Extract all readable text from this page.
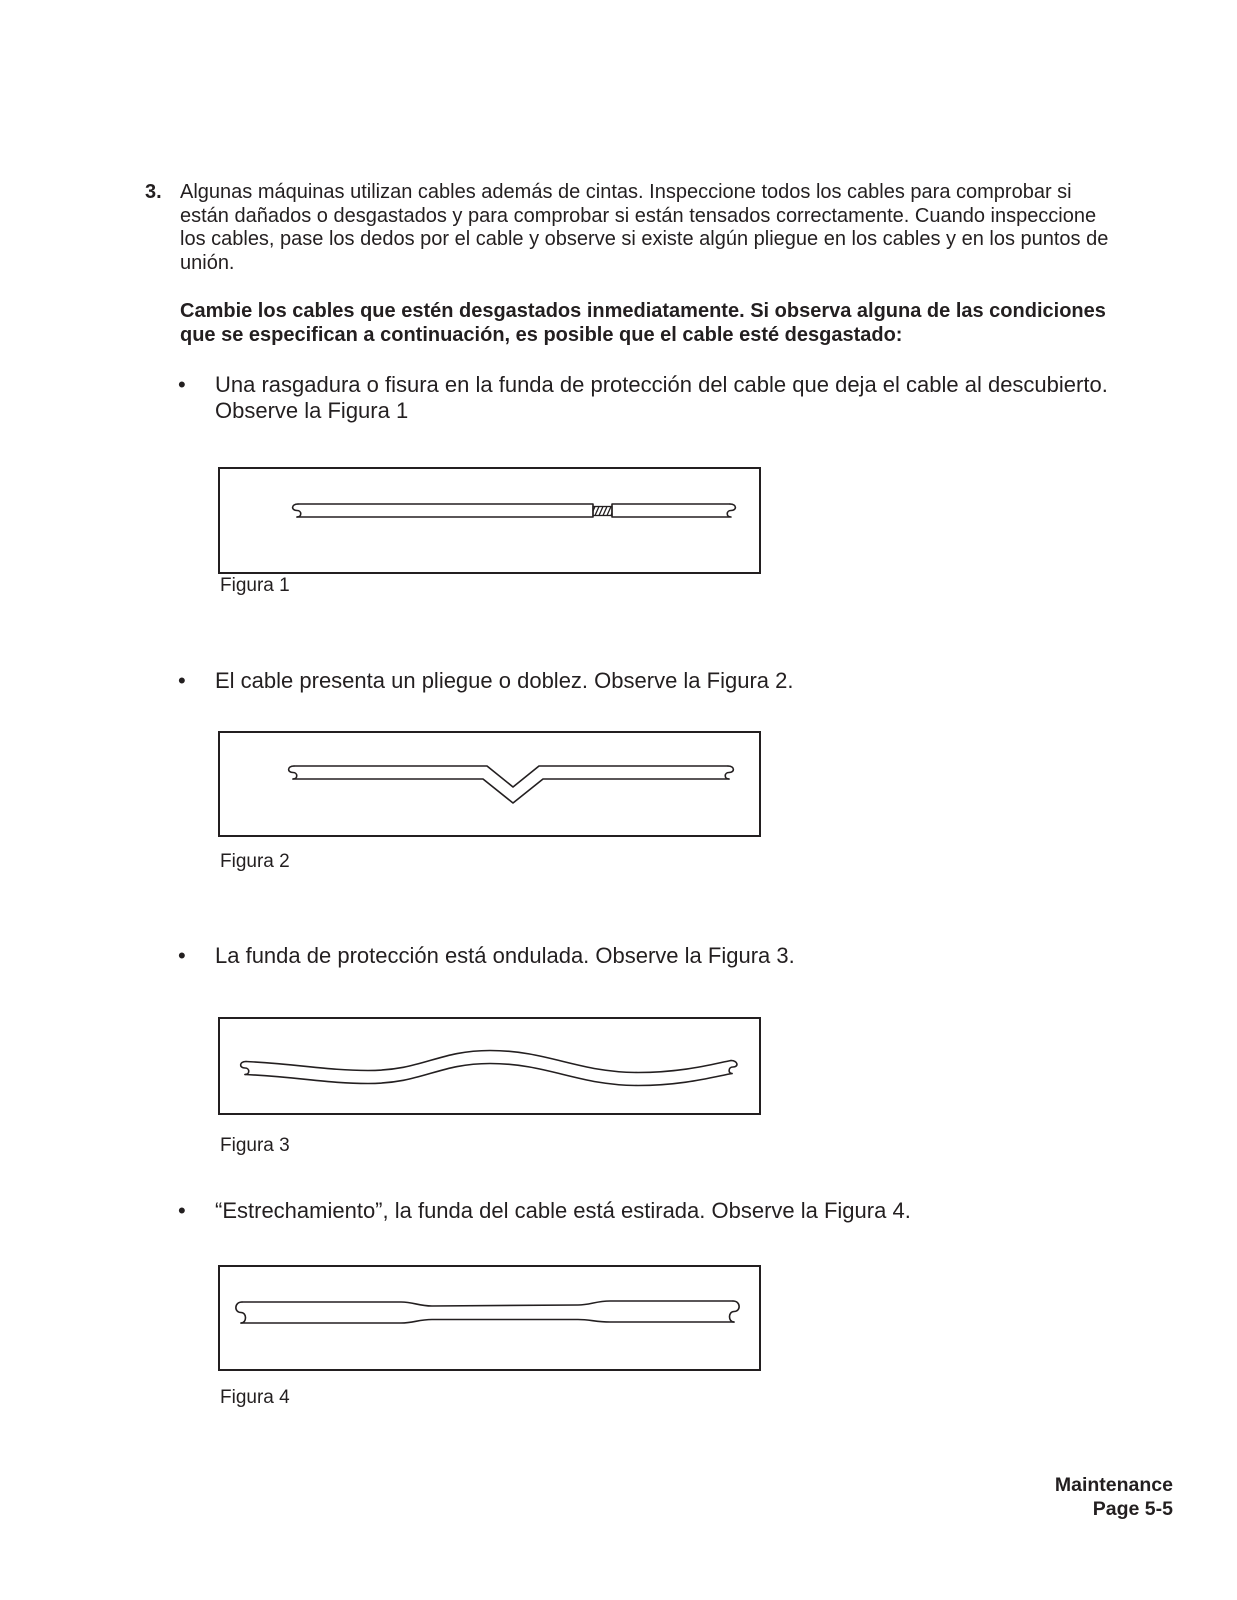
3. Algunas máquinas utilizan cables además de cintas. Inspeccione todos los cables para comprobar si
están dañados o desgastados y para comprobar si están tensados correctamente. Cuando inspeccione
los cables, pase los dedos por el cable y observe si existe algún pliegue en los cables y en los puntos de
unión.
Cambie los cables que estén desgastados inmediatamente. Si observa alguna de las condiciones
que se especifican a continuación, es posible que el cable esté desgastado:
• Una rasgadura o fisura en la funda de protección del cable que deja el cable al descubierto.
Observe la Figura 1
Figura 1
• El cable presenta un pliegue o doblez. Observe la Figura 2.
Figura 2
• La funda de protección está ondulada. Observe la Figura 3.
Figura 3
• “Estrechamiento”, la funda del cable está estirada. Observe la Figura 4.
Figura 4
Maintenance
Page 5-5
